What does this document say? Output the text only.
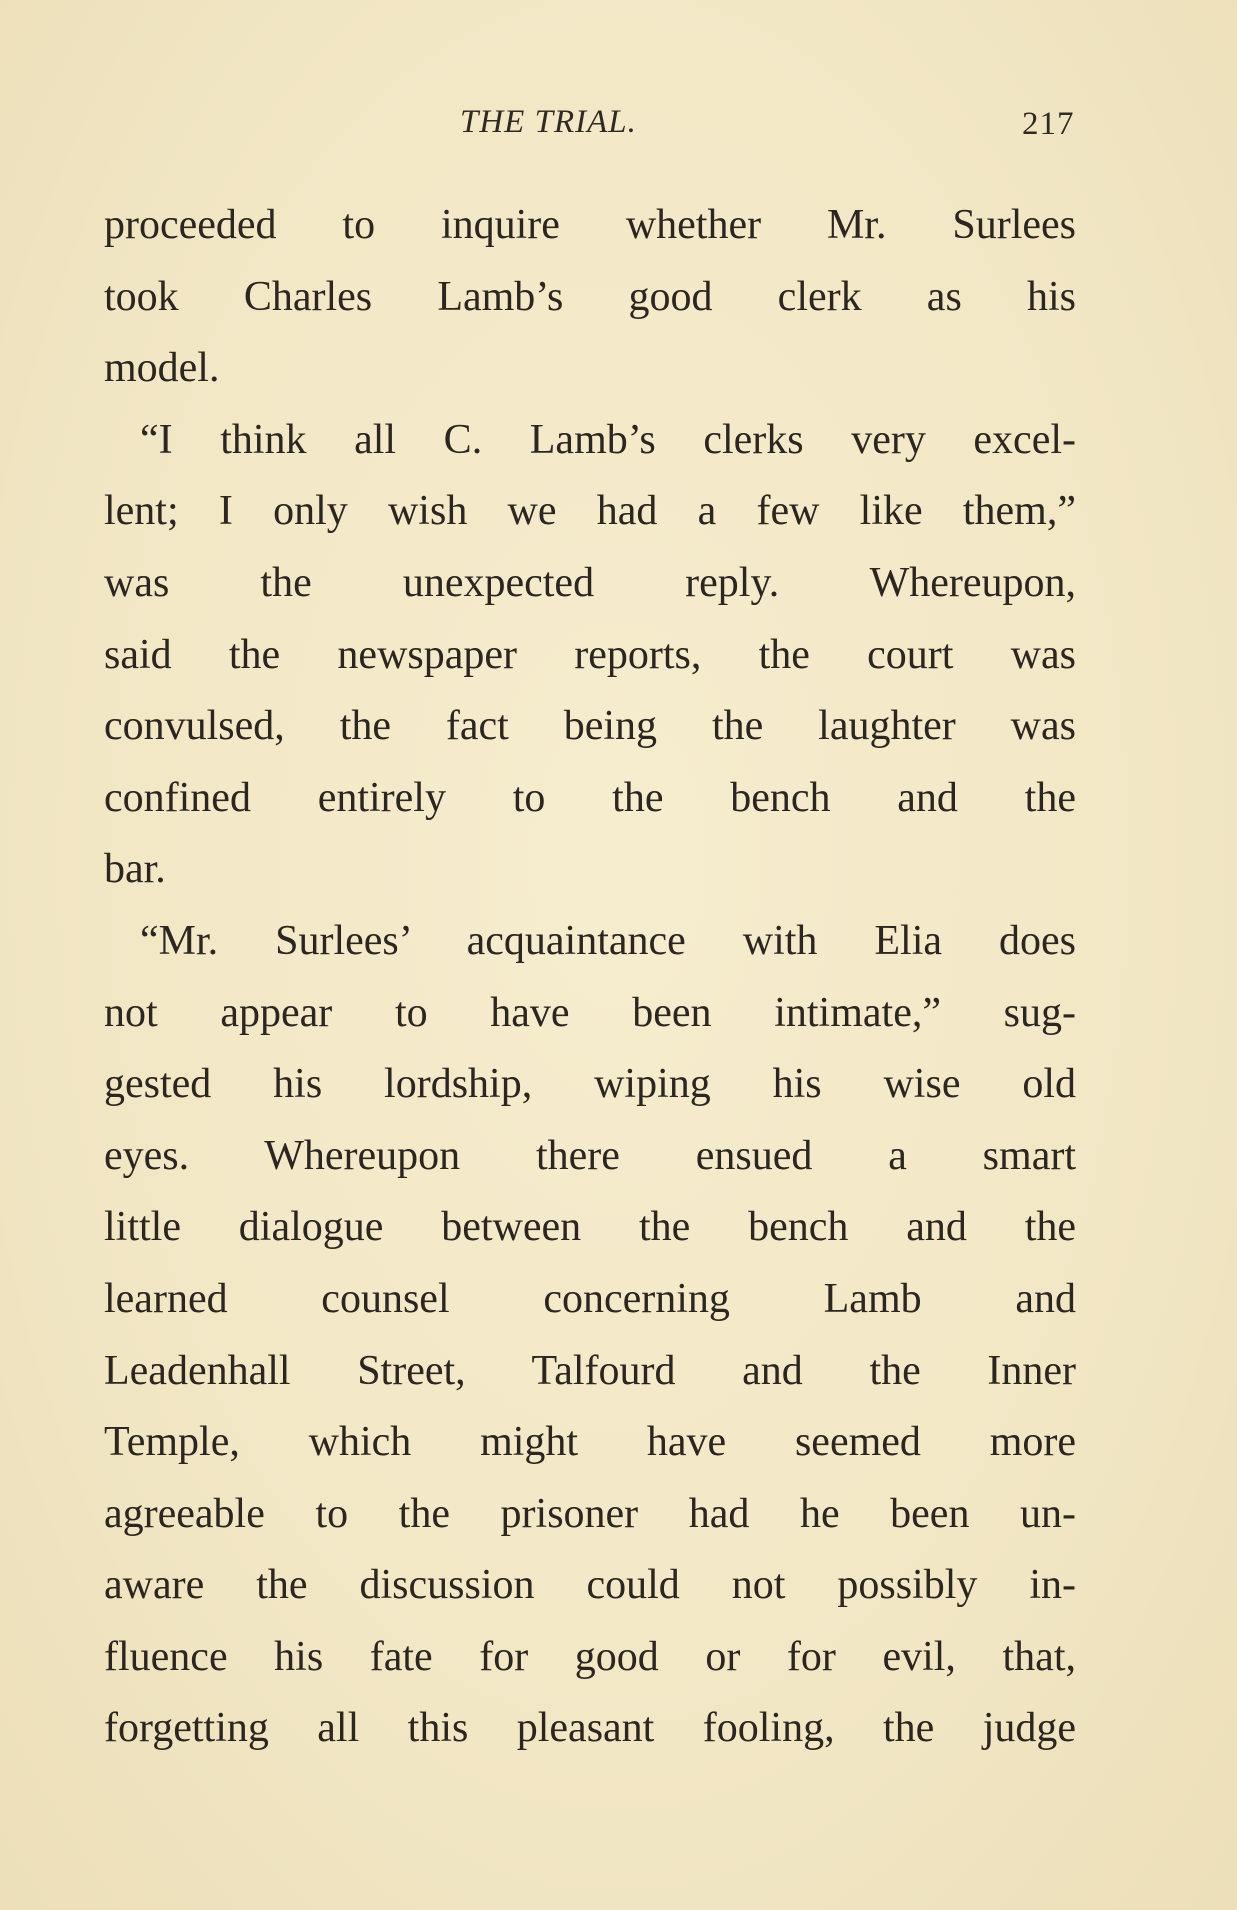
THE TRIAL.	217
proceeded to inquire whether Mr. Surlees
took Charles Lamb’s good clerk as his
model.
“I think all C. Lamb’s clerks very excel-
lent; I only wish we had a few like them,”
was the unexpected reply. Whereupon,
said the newspaper reports, the court was
convulsed, the fact being the laughter was
confined entirely to the bench and the
bar.
“Mr. Surlees’ acquaintance with Elia does
not appear to have been intimate,” sug-
gested his lordship, wiping his wise old
eyes. Whereupon there ensued a smart
little dialogue between the bench and the
learned counsel concerning Lamb and
Leadenhall Street, Talfourd and the Inner
Temple, which might have seemed more
agreeable to the prisoner had he been un-
aware the discussion could not possibly in-
fluence his fate for good or for evil, that,
forgetting all this pleasant fooling, the judge
